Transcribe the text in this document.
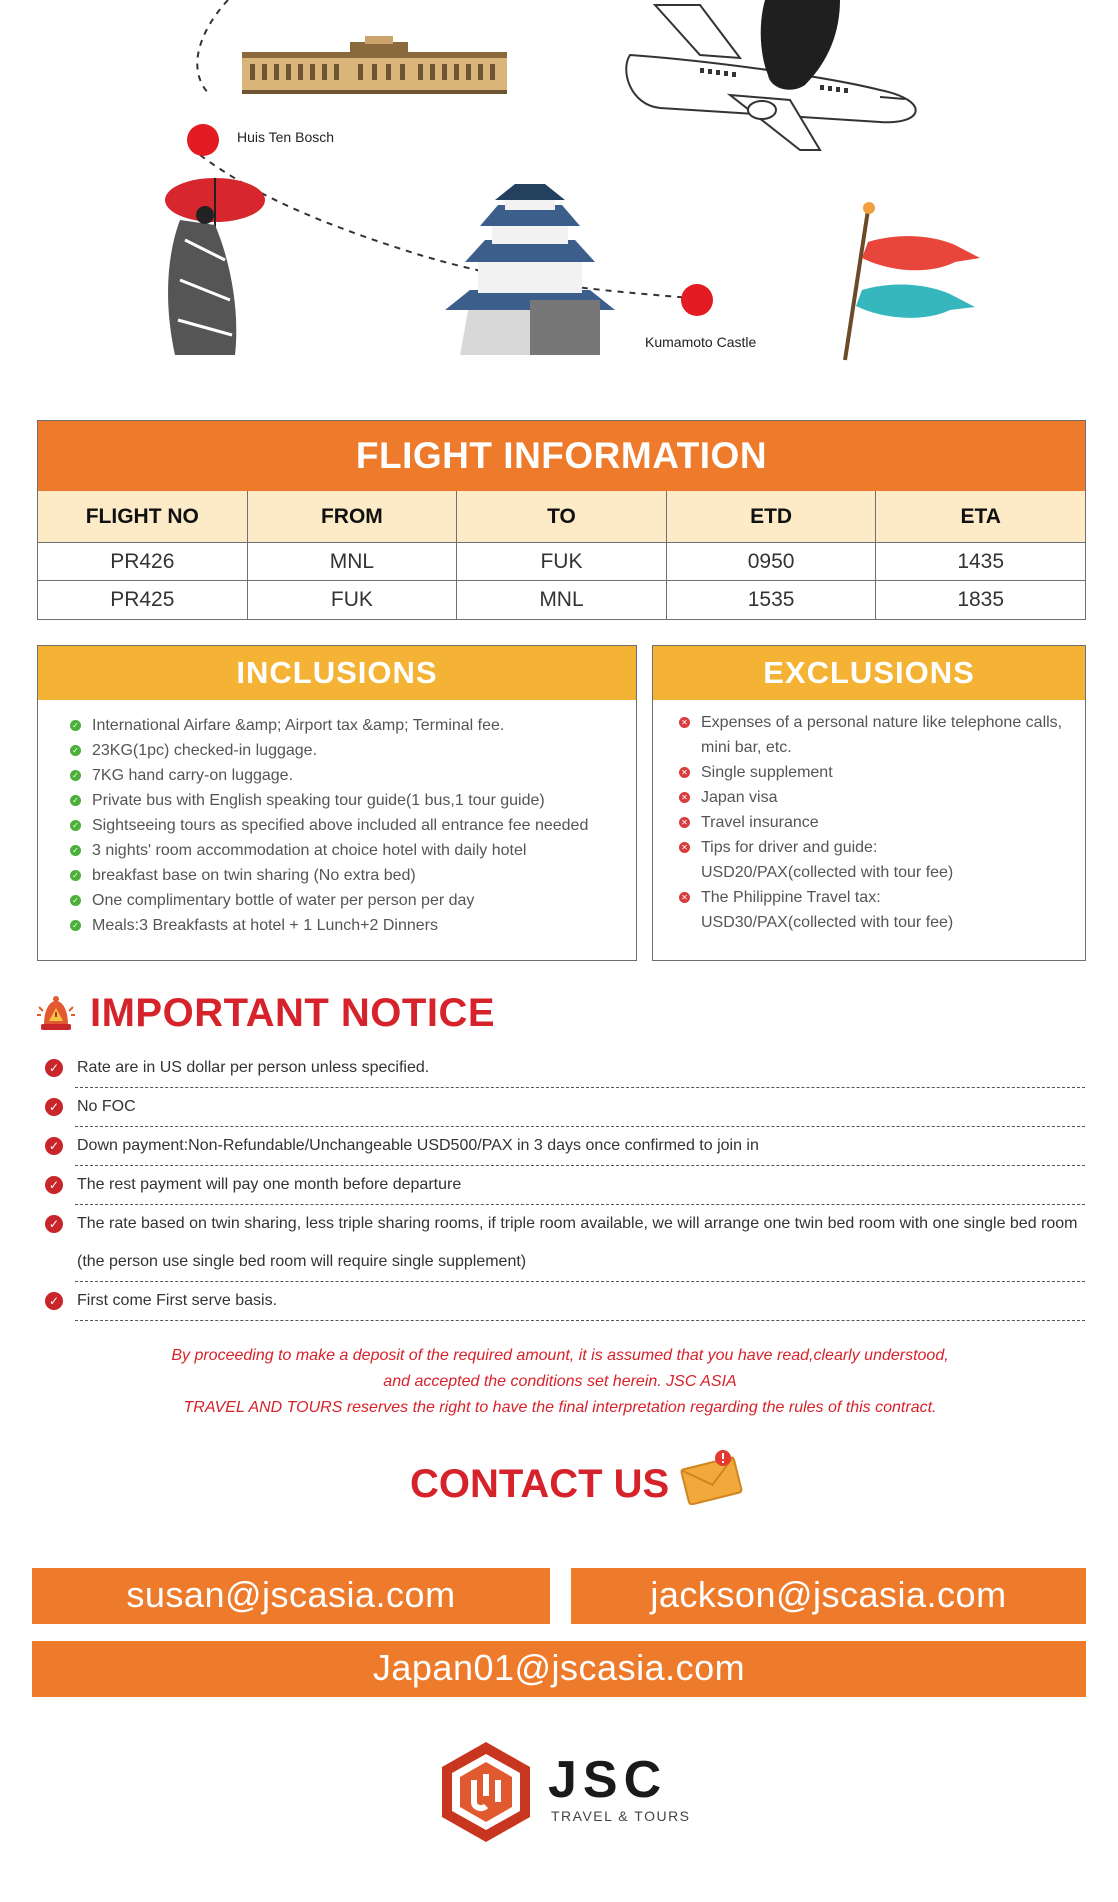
Huis Ten Bosch
Kumamoto Castle
FLIGHT INFORMATION
FLIGHT NO	FROM	TO	ETD	ETA
PR426	MNL	FUK	0950	1435
PR425	FUK	MNL	1535	1835
INCLUSIONS
✓ International Airfare &amp; Airport tax &amp; Terminal fee.
✓ 23KG(1pc) checked-in luggage.
✓ 7KG hand carry-on luggage.
✓ Private bus with English speaking tour guide(1 bus,1 tour guide)
✓ Sightseeing tours as specified above included all entrance fee needed
✓ 3 nights' room accommodation at choice hotel with daily hotel
✓ breakfast base on twin sharing (No extra bed)
✓ One complimentary bottle of water per person per day
✓ Meals:3 Breakfasts at hotel + 1 Lunch+2 Dinners
EXCLUSIONS
✕ Expenses of a personal nature like telephone calls,
mini bar, etc.
✕ Single supplement
✕ Japan visa
✕ Travel insurance
✕ Tips for driver and guide:
USD20/PAX(collected with tour fee)
✕ The Philippine Travel tax:
USD30/PAX(collected with tour fee)
IMPORTANT NOTICE
✓ Rate are in US dollar per person unless specified.
✓ No FOC
✓ Down payment:Non-Refundable/Unchangeable USD500/PAX in 3 days once confirmed to join in
✓ The rest payment will pay one month before departure
✓ The rate based on twin sharing, less triple sharing rooms, if triple room available, we will arrange one twin bed room with one single bed room
(the person use single bed room will require single supplement)
✓ First come First serve basis.
By proceeding to make a deposit of the required amount, it is assumed that you have read,clearly understood,
and accepted the conditions set herein. JSC ASIA
TRAVEL AND TOURS reserves the right to have the final interpretation regarding the rules of this contract.
CONTACT US
susan@jscasia.com	jackson@jscasia.com
Japan01@jscasia.com
JSC
TRAVEL & TOURS
